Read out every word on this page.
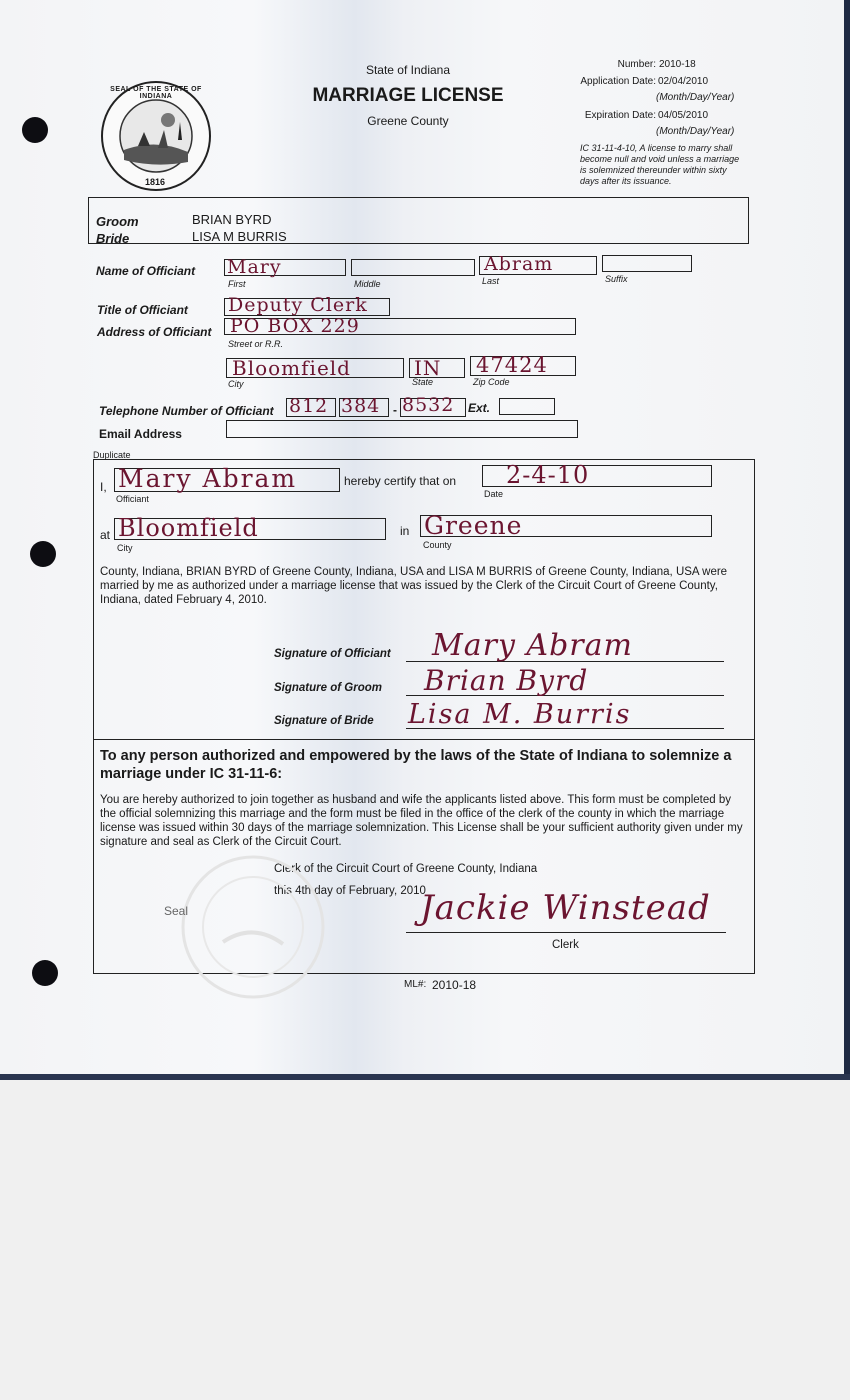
SEAL OF THE STATE OF INDIANA
1816
State of Indiana
MARRIAGE LICENSE
Greene County
Number: 2010-18
Application Date: 02/04/2010
(Month/Day/Year)
Expiration Date: 04/05/2010
(Month/Day/Year)
IC 31-11-4-10, A license to marry shall become null and void unless a marriage is solemnized thereunder within sixty days after its issuance.
Groom	BRIAN BYRD
Bride	LISA M BURRIS
Name of Officiant Mary
First	Middle
Abram
Last	Suffix
Title of Officiant Deputy Clerk
Address of Officiant PO BOX 229
Street or R.R.
Bloomfield
City
IN
State
47424
Zip Code
Telephone Number of Officiant 812 384 - 8532 Ext.
Email Address
Duplicate
I, Mary Abram
Officiant
hereby certify that on 2-4-10
Date
at Bloomfield
City
in Greene
County
County, Indiana, BRIAN BYRD of Greene County, Indiana, USA and LISA M BURRIS of Greene County, Indiana, USA were married by me as authorized under a marriage license that was issued by the Clerk of the Circuit Court of Greene County, Indiana, dated February 4, 2010.
Signature of Officiant Mary Abram
Signature of Groom Brian Byrd
Signature of Bride Lisa M. Burris
To any person authorized and empowered by the laws of the State of Indiana to solemnize a marriage under IC 31-11-6:
You are hereby authorized to join together as husband and wife the applicants listed above. This form must be completed by the official solemnizing this marriage and the form must be filed in the office of the clerk of the county in which the marriage license was issued within 30 days of the marriage solemnization. This License shall be your sufficient authority given under my signature and seal as Clerk of the Circuit Court.
Clerk of the Circuit Court of Greene County, Indiana
this 4th day of February, 2010
Seal	Jackie Winstead
Clerk
ML#: 2010-18
